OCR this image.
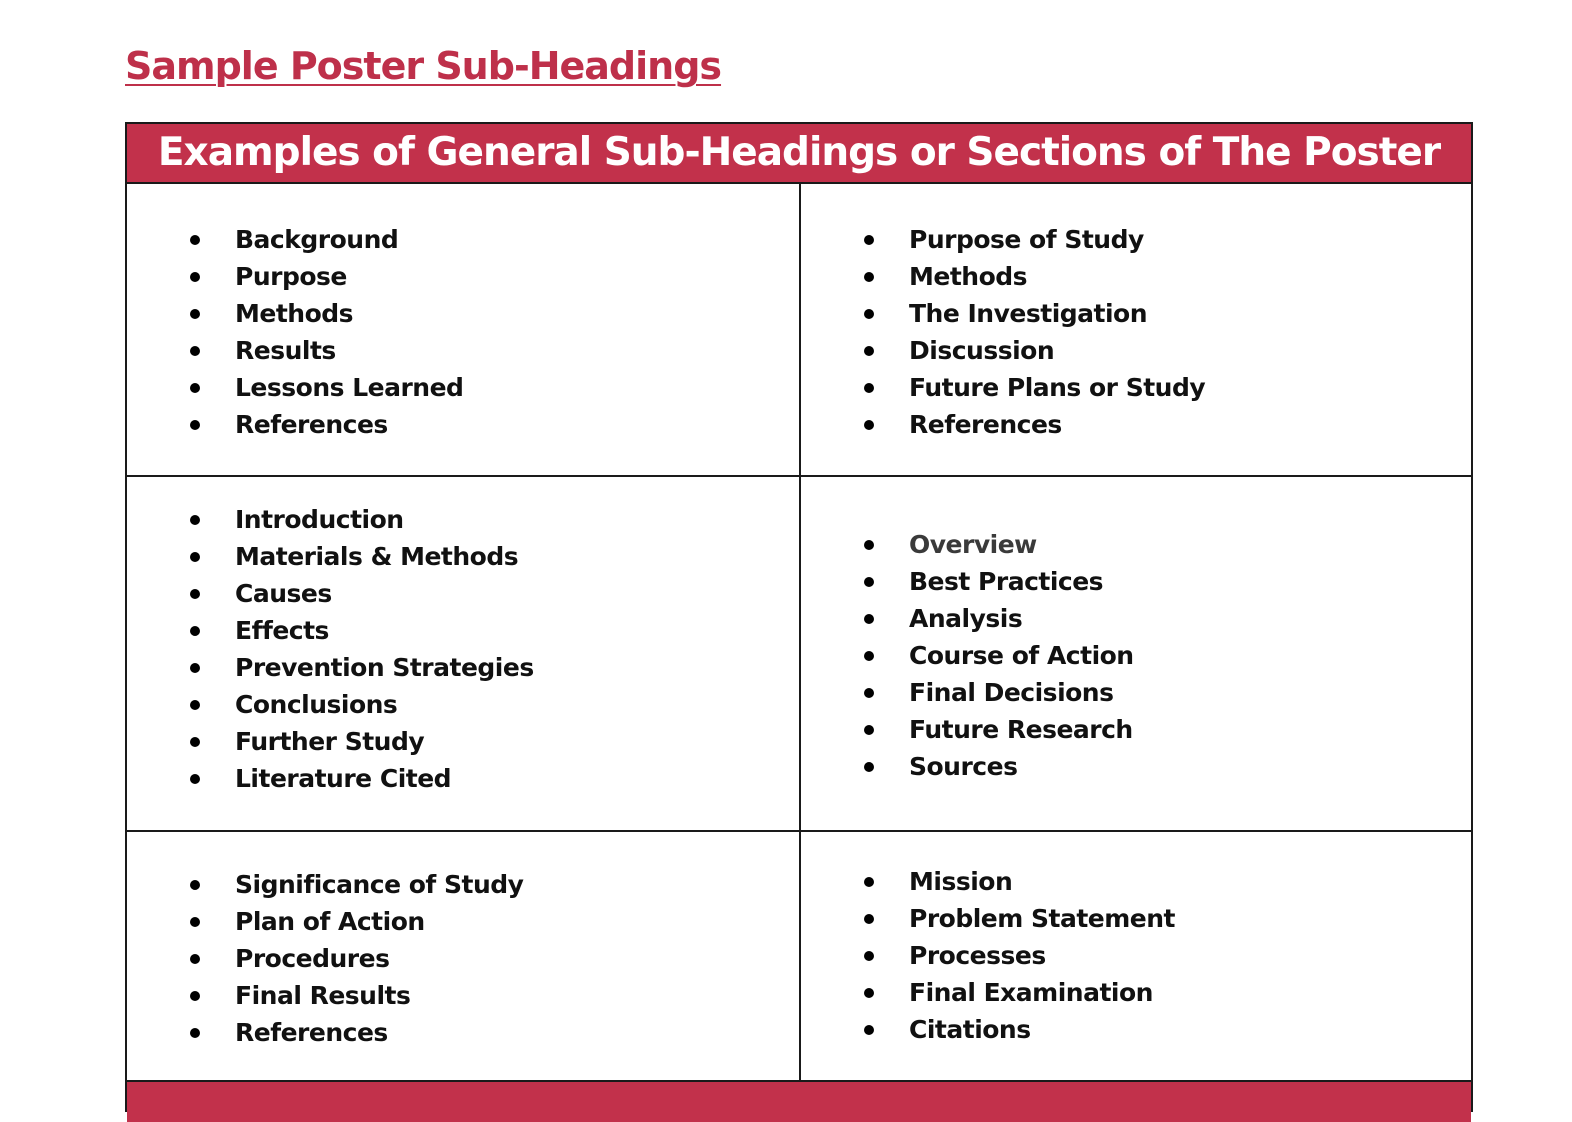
Sample Poster Sub-Headings
Examples of General Sub-Headings or Sections of The Poster
Background
Purpose
Methods
Results
Lessons Learned
References
Purpose of Study
Methods
The Investigation
Discussion
Future Plans or Study
References
Introduction
Materials & Methods
Causes
Effects
Prevention Strategies
Conclusions
Further Study
Literature Cited
Overview
Best Practices
Analysis
Course of Action
Final Decisions
Future Research
Sources
Significance of Study
Plan of Action
Procedures
Final Results
References
Mission
Problem Statement
Processes
Final Examination
Citations
